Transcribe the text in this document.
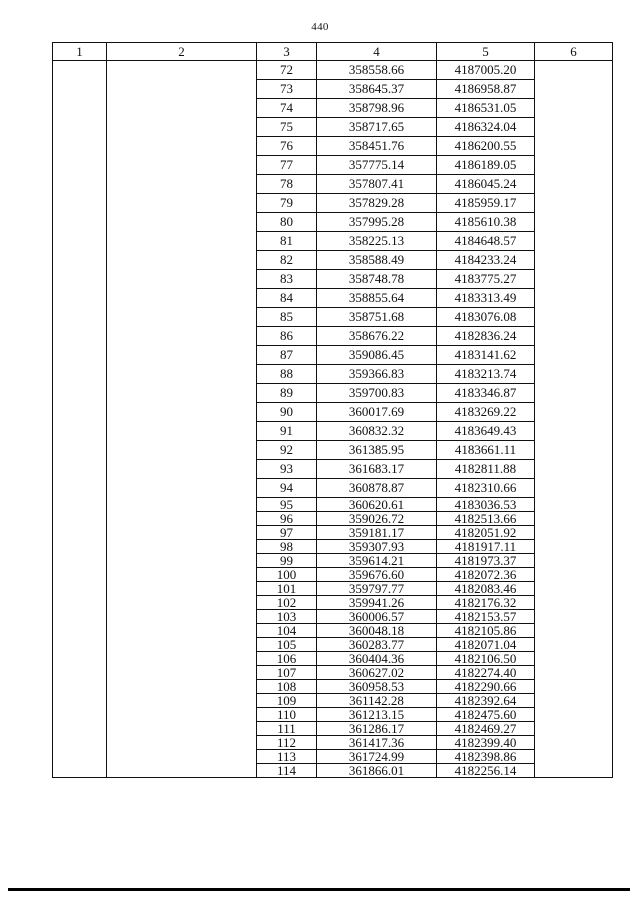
440
1	2	3	4	5	6
		72	358558.66	4187005.20	
		73	358645.37	4186958.87	
		74	358798.96	4186531.05	
		75	358717.65	4186324.04	
		76	358451.76	4186200.55	
		77	357775.14	4186189.05	
		78	357807.41	4186045.24	
		79	357829.28	4185959.17	
		80	357995.28	4185610.38	
		81	358225.13	4184648.57	
		82	358588.49	4184233.24	
		83	358748.78	4183775.27	
		84	358855.64	4183313.49	
		85	358751.68	4183076.08	
		86	358676.22	4182836.24	
		87	359086.45	4183141.62	
		88	359366.83	4183213.74	
		89	359700.83	4183346.87	
		90	360017.69	4183269.22	
		91	360832.32	4183649.43	
		92	361385.95	4183661.11	
		93	361683.17	4182811.88	
		94	360878.87	4182310.66	
		95	360620.61	4183036.53	
		96	359026.72	4182513.66	
		97	359181.17	4182051.92	
		98	359307.93	4181917.11	
		99	359614.21	4181973.37	
		100	359676.60	4182072.36	
		101	359797.77	4182083.46	
		102	359941.26	4182176.32	
		103	360006.57	4182153.57	
		104	360048.18	4182105.86	
		105	360283.77	4182071.04	
		106	360404.36	4182106.50	
		107	360627.02	4182274.40	
		108	360958.53	4182290.66	
		109	361142.28	4182392.64	
		110	361213.15	4182475.60	
		111	361286.17	4182469.27	
		112	361417.36	4182399.40	
		113	361724.99	4182398.86	
		114	361866.01	4182256.14	
